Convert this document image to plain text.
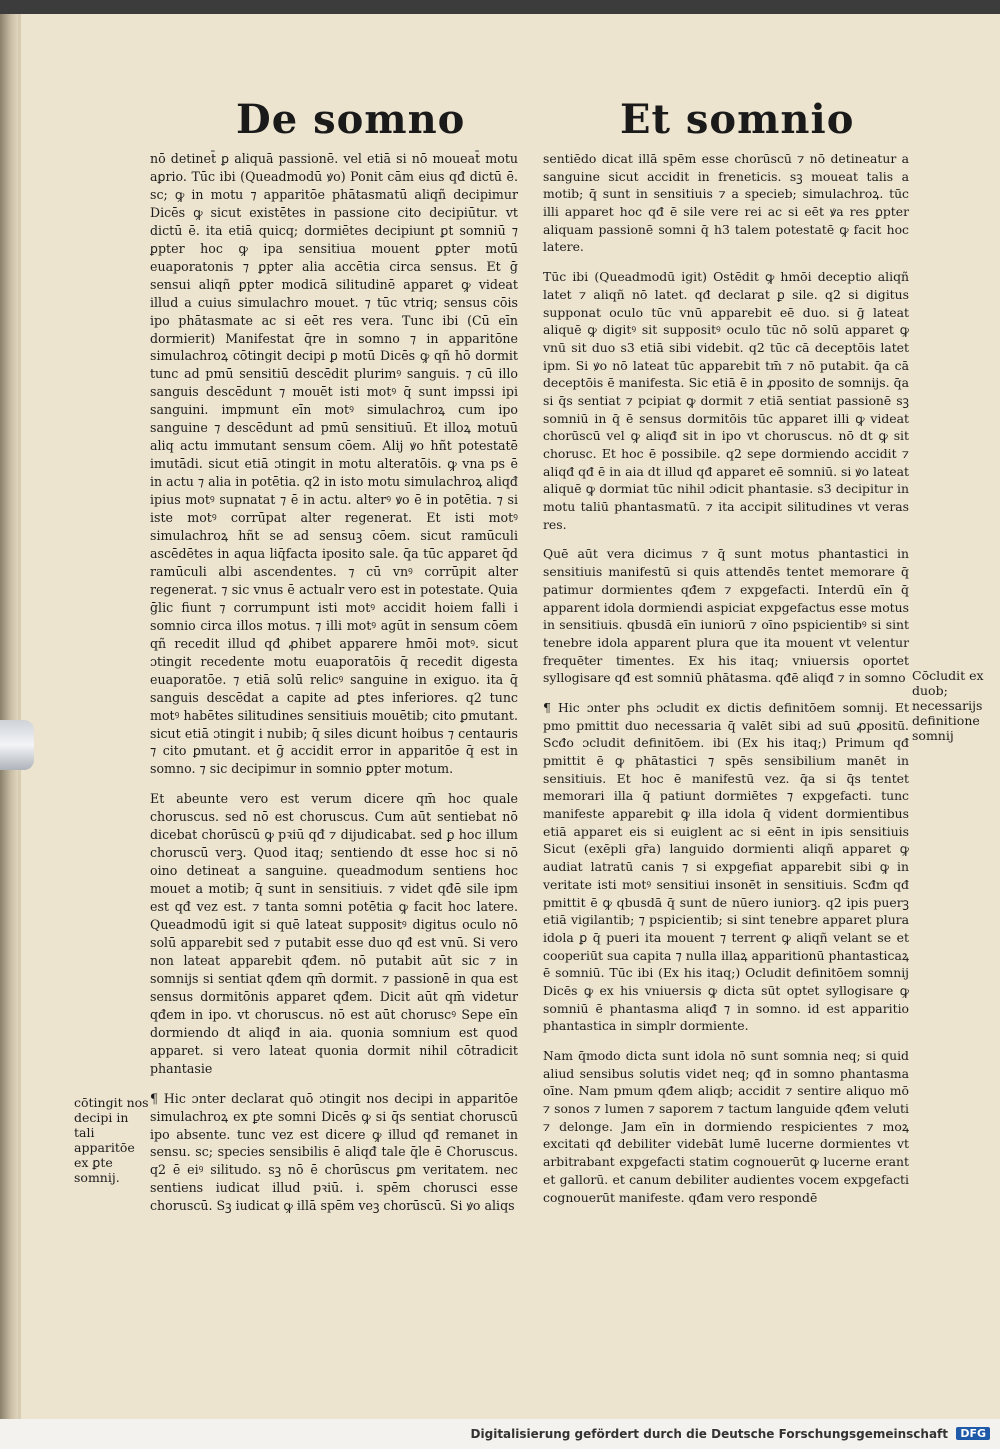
De somno	Et somnio

nō detinet̄ ꝑ aliquā passionē. vel etiā si nō moueat̄ motu aꝑrio. Tūc ibi (Queadmodū ꝟo) Ponit cām eius qđ dictū ē. sc; ꝙ in motu ⁊ apparitōe phātasmatū aliqñ decipimur Dicēs ꝙ sicut existētes in passione cito decipiūtur. vt dictū ē. ita etiā quicq; dormiētes decipiunt ꝑt somniū ⁊ ꝑpter hoc ꝙ ipa sensitiua mouent ꝑpter motū euaporatonis ⁊ ꝑpter alia accētia circa sensus. Et ḡ sensui aliqñ ꝑpter modicā silitudinē apparet ꝙ videat illud a cuius simulachro mouet. ⁊ tūc vtriq; sensus cōis ipo phātasmate ac si eēt res vera. Tunc ibi (Cū eīn dormierit) Manifestat q̄re in somno ⁊ in apparitōne simulachroꝝ cōtingit decipi ꝑ motū Dicēs ꝙ qñ hō dormit tunc ad pmū sensitiū descēdit plurimꝰ sanguis. ⁊ cū illo sanguis descēdunt ⁊ mouēt isti motꝰ q̄ sunt impssi ipi sanguini. impmunt eīn motꝰ simulachroꝝ cum ipo sanguine ⁊ descēdunt ad pmū sensitiuū. Et illoꝝ motuū aliq actu immutant sensum cōem. Alij ꝟo hñt potestatē imutādi. sicut etiā ɔtingit in motu alteratōis. ꝙ vna ps ē in actu ⁊ alia in potētia. q2 in isto motu simulachroꝝ aliqđ ipius motꝰ supnatat ⁊ ē in actu. alterꝰ ꝟo ē in potētia. ⁊ si iste motꝰ corrūpat alter regenerat. Et isti motꝰ simulachroꝝ hñt se ad sensuꝫ cōem. sicut ramūculi ascēdētes in aqua liq̄facta iposito sale. q̄a tūc apparet q̄d ramūculi albi ascendentes. ⁊ cū vnꝰ corrūpit alter regenerat. ⁊ sic vnus ē actualr vero est in potestate. Quia ḡlic fiunt ⁊ corrumpunt isti motꝰ accidit hoiem falli i somnio circa illos motus. ⁊ illi motꝰ agūt in sensum cōem qñ recedit illud qđ ꝓhibet apparere hmōi motꝰ. sicut ɔtingit recedente motu euaporatōis q̄ recedit digesta euaporatōe. ⁊ etiā solū relicꝰ sanguine in exiguo. ita q̄ sanguis descēdat a capite ad ꝑtes inferiores. q2 tunc motꝰ habētes silitudines sensitiuis mouētib; cito ꝑmutant. sicut etiā ɔtingit i nubib; q̄ siles dicunt hoibus ⁊ centauris ⁊ cito ꝑmutant. et ḡ accidit error in apparitōe q̄ est in somno. ⁊ sic decipimur in somnio ꝑpter motum.

Et abeunte vero est verum dicere qm̄ hoc quale choruscus. sed nō est choruscus. Cum aūt sentiebat nō dicebat chorūscū ꝙ pꝛiū qđ ⁊ dijudicabat. sed ꝑ hoc illum choruscū verꝫ. Quod itaq; sentiendo dt esse hoc si nō oino detineat a sanguine. queadmodum sentiens hoc mouet a motib; q̄ sunt in sensitiuis. ⁊ videt qđē sile ipm est qđ vez est. ⁊ tanta somni potētia ꝙ facit hoc latere. Queadmodū igit si quē lateat suppositꝰ digitus oculo nō solū apparebit sed ⁊ putabit esse duo qđ est vnū. Si vero non lateat apparebit qđem. nō putabit aūt sic ⁊ in somnijs si sentiat qđem qm̄ dormit. ⁊ passionē in qua est sensus dormitōnis apparet qđem. Dicit aūt qm̄ videtur qđem in ipo. vt choruscus. nō est aūt choruscꝰ Sepe eīn dormiendo dt aliqđ in aia. quonia somnium est quod apparet. si vero lateat quonia dormit nihil cōtradicit phantasie

¶ Hic ɔnter declarat quō ɔtingit nos decipi in apparitōe simulachroꝝ ex ꝑte somni Dicēs ꝙ si q̄s sentiat choruscū ipo absente. tunc vez est dicere ꝙ illud qđ remanet in sensu. sc; species sensibilis ē aliqđ tale q̄le ē Choruscus. q2 ē eiꝰ silitudo. sꝫ nō ē chorūscus ꝑm veritatem. nec sentiens iudicat illud pꝛiū. i. spēm chorusci esse choruscū. Sꝫ iudicat ꝙ illā spēm veꝫ chorūscū. Si ꝟo aliqs

sentiēdo dicat illā spēm esse chorūscū ⁊ nō detineatur a sanguine sicut accidit in freneticis. sꝫ moueat talis a motib; q̄ sunt in sensitiuis ⁊ a specieb; simulachroꝝ. tūc illi apparet hoc qđ ē sile vere rei ac si eēt ꝟa res ꝑpter aliquam passionē somni q̄ h3 talem potestatē ꝙ facit hoc latere.

Tūc ibi (Queadmodū igit) Ostēdit ꝙ hmōi deceptio aliqñ latet ⁊ aliqñ nō latet. qđ declarat ꝑ sile. q2 si digitus supponat oculo tūc vnū apparebit eē duo. si ḡ lateat aliquē ꝙ digitꝰ sit suppositꝰ oculo tūc nō solū apparet ꝙ vnū sit duo s3 etiā sibi videbit. q2 tūc cā deceptōis latet ipm. Si ꝟo nō lateat tūc apparebit tm̄ ⁊ nō putabit. q̄a cā deceptōis ē manifesta. Sic etiā ē in ꝓposito de somnijs. q̄a si q̄s sentiat ⁊ pcipiat ꝙ dormit ⁊ etiā sentiat passionē sꝫ somniū in q̄ ē sensus dormitōis tūc apparet illi ꝙ videat chorūscū vel ꝙ aliqđ sit in ipo vt choruscus. nō dt ꝙ sit chorusc. Et hoc ē possibile. q2 sepe dormiendo accidit ⁊ aliqđ qđ ē in aia dt illud qđ apparet eē somniū. si ꝟo lateat aliquē ꝙ dormiat tūc nihil ɔdicit phantasie. s3 decipitur in motu taliū phantasmatū. ⁊ ita accipit silitudines vt veras res.

Quē aūt vera dicimus ⁊ q̄ sunt motus phantastici in sensitiuis manifestū si quis attendēs tentet memorare q̄ patimur dormientes qđem ⁊ expgefacti. Interdū eīn q̄ apparent idola dormiendi aspiciat expgefactus esse motus in sensitiuis. qbusdā eīn iuniorū ⁊ oīno pspicientibꝰ si sint tenebre idola apparent plura que ita mouent vt velentur frequēter timentes. Ex his itaq; vniuersis oportet syllogisare qđ est somniū phātasma. qđē aliqđ ⁊ in somno

¶ Hic ɔnter phs ɔcludit ex dictis definitōem somnij. Et pmo pmittit duo necessaria q̄ valēt sibi ad suū ꝓpositū. Scđo ɔcludit definitōem. ibi (Ex his itaq;) Primum qđ pmittit ē ꝙ phātastici ⁊ spēs sensibilium manēt in sensitiuis. Et hoc ē manifestū vez. q̄a si q̄s tentet memorari illa q̄ patiunt dormiētes ⁊ expgefacti. tunc manifeste apparebit ꝙ illa idola q̄ vident dormientibus etiā apparet eis si euiglent ac si eēnt in ipis sensitiuis Sicut (exēpli gr̄a) languido dormienti aliqñ apparet ꝙ audiat latratū canis ⁊ si expgefiat apparebit sibi ꝙ in veritate isti motꝰ sensitiui insonēt in sensitiuis. Scđm qđ pmittit ē ꝙ qbusdā q̄ sunt de nūero iuniorꝫ. q2 ipis puerꝫ etiā vigilantib; ⁊ pspicientib; si sint tenebre apparet plura idola ꝑ q̄ pueri ita mouent ⁊ terrent ꝙ aliqñ velant se et cooperiūt sua capita ⁊ nulla illaꝝ apparitionū phantasticaꝝ ē somniū. Tūc ibi (Ex his itaq;) Ocludit definitōem somnij Dicēs ꝙ ex his vniuersis ꝙ dicta sūt optet syllogisare ꝙ somniū ē phantasma aliqđ ⁊ in somno. id est apparitio phantastica in simplr dormiente.

Nam q̄modo dicta sunt idola nō sunt somnia neq; si quid aliud sensibus solutis videt neq; qđ in somno phantasma oīne. Nam pmum qđem aliqb; accidit ⁊ sentire aliquo mō ⁊ sonos ⁊ lumen ⁊ saporem ⁊ tactum languide qđem veluti ⁊ delonge. Jam eīn in dormiendo respicientes ⁊ moꝝ excitati qđ debiliter videbāt lumē lucerne dormientes vt arbitrabant expgefacti statim cognouerūt ꝙ lucerne erant et gallorū. et canum debiliter audientes vocem expgefacti cognouerūt manifeste. qđam vero respondē

cōtingit nos decipi in tali apparitōe ex ꝑte somnij.
Cōcludit ex duob; necessarijs definitione somnij
Digitalisierung gefördert durch die Deutsche Forschungsgemeinschaft	DFG
